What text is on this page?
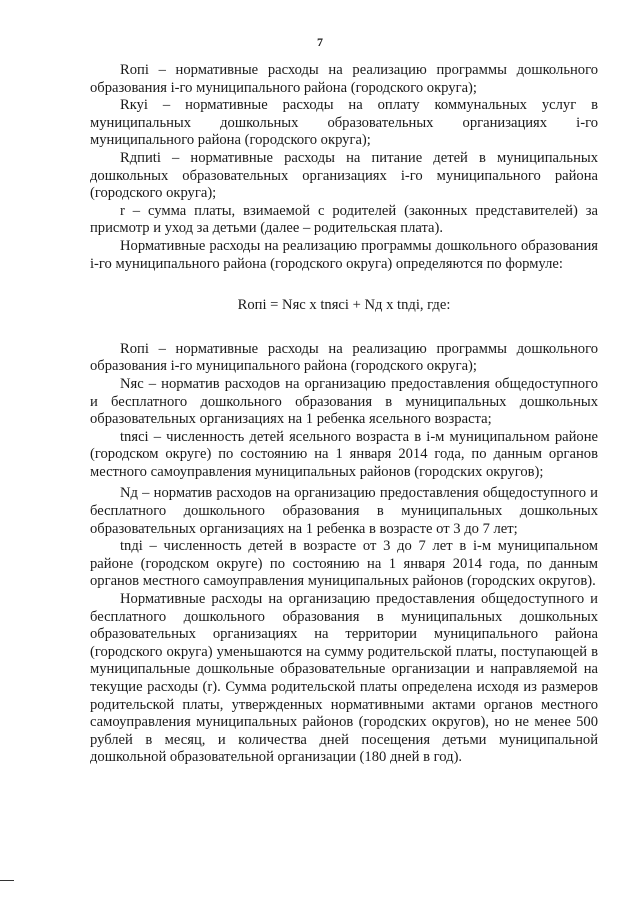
7

Rопi – нормативные расходы на реализацию программы дошкольного образования i-го муниципального района (городского округа);

Rкуi – нормативные расходы на оплату коммунальных услуг в муниципальных дошкольных образовательных организациях i-го муниципального района (городского округа);

Rдпиti – нормативные расходы на питание детей в муниципальных дошкольных образовательных организациях i-го муниципального района (городского округа);

r – сумма платы, взимаемой с родителей (законных представителей) за присмотр и уход за детьми (далее – родительская плата).

Нормативные расходы на реализацию программы дошкольного образования i-го муниципального района (городского округа) определяются по формуле:

Rопi = Nяс x tnясi + Nд x tnдi, где:

Rопi – нормативные расходы на реализацию программы дошкольного образования i-го муниципального района (городского округа);

Nяс – норматив расходов на организацию предоставления общедоступного и бесплатного дошкольного образования в муниципальных дошкольных образовательных организациях на 1 ребенка ясельного возраста;

tnясi – численность детей ясельного возраста в i-м муниципальном районе (городском округе) по состоянию на 1 января 2014 года, по данным органов местного самоуправления муниципальных районов (городских округов);

Nд – норматив расходов на организацию предоставления общедоступного и бесплатного дошкольного образования в муниципальных дошкольных образовательных организациях на 1 ребенка в возрасте от 3 до 7 лет;

tnдi – численность детей в возрасте от 3 до 7 лет в i-м муниципальном районе (городском округе) по состоянию на 1 января 2014 года, по данным органов местного самоуправления муниципальных районов (городских округов).

Нормативные расходы на организацию предоставления общедоступного и бесплатного дошкольного образования в муниципальных дошкольных образовательных организациях на территории муниципального района (городского округа) уменьшаются на сумму родительской платы, поступающей в муниципальные дошкольные образовательные организации и направляемой на текущие расходы (r). Сумма родительской платы определена исходя из размеров родительской платы, утвержденных нормативными актами органов местного самоуправления муниципальных районов (городских округов), но не менее 500 рублей в месяц, и количества дней посещения детьми муниципальной дошкольной образовательной организации (180 дней в год).
